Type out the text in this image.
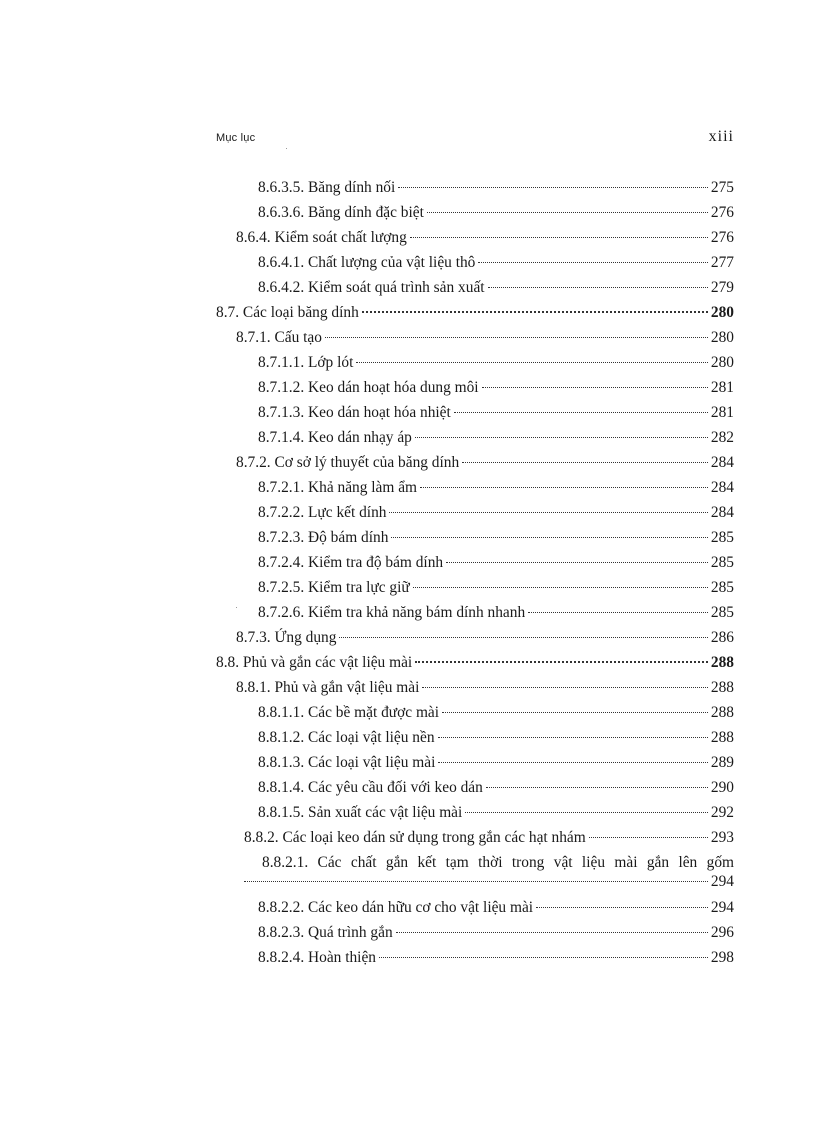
Mục lục	xiii
8.6.3.5. Băng dính nối	275
8.6.3.6. Băng dính đặc biệt	276
8.6.4. Kiểm soát chất lượng	276
8.6.4.1. Chất lượng của vật liệu thô	277
8.6.4.2. Kiểm soát quá trình sản xuất	279
8.7. Các loại băng dính	280
8.7.1. Cấu tạo	280
8.7.1.1. Lớp lót	280
8.7.1.2. Keo dán hoạt hóa dung môi	281
8.7.1.3. Keo dán hoạt hóa nhiệt	281
8.7.1.4. Keo dán nhạy áp	282
8.7.2. Cơ sở lý thuyết của băng dính	284
8.7.2.1. Khả năng làm ẩm	284
8.7.2.2. Lực kết dính	284
8.7.2.3. Độ bám dính	285
8.7.2.4. Kiểm tra độ bám dính	285
8.7.2.5. Kiểm tra lực giữ	285
8.7.2.6. Kiểm tra khả năng bám dính nhanh	285
8.7.3. Ứng dụng	286
8.8. Phủ và gắn các vật liệu mài	288
8.8.1. Phủ và gắn vật liệu mài	288
8.8.1.1. Các bề mặt được mài	288
8.8.1.2. Các loại vật liệu nền	288
8.8.1.3. Các loại vật liệu mài	289
8.8.1.4. Các yêu cầu đối với keo dán	290
8.8.1.5. Sản xuất các vật liệu mài	292
8.8.2. Các loại keo dán sử dụng trong gắn các hạt nhám	293
8.8.2.1. Các chất gắn kết tạm thời trong vật liệu mài gắn lên gốm
294
8.8.2.2. Các keo dán hữu cơ cho vật liệu mài	294
8.8.2.3. Quá trình gắn	296
8.8.2.4. Hoàn thiện	298
